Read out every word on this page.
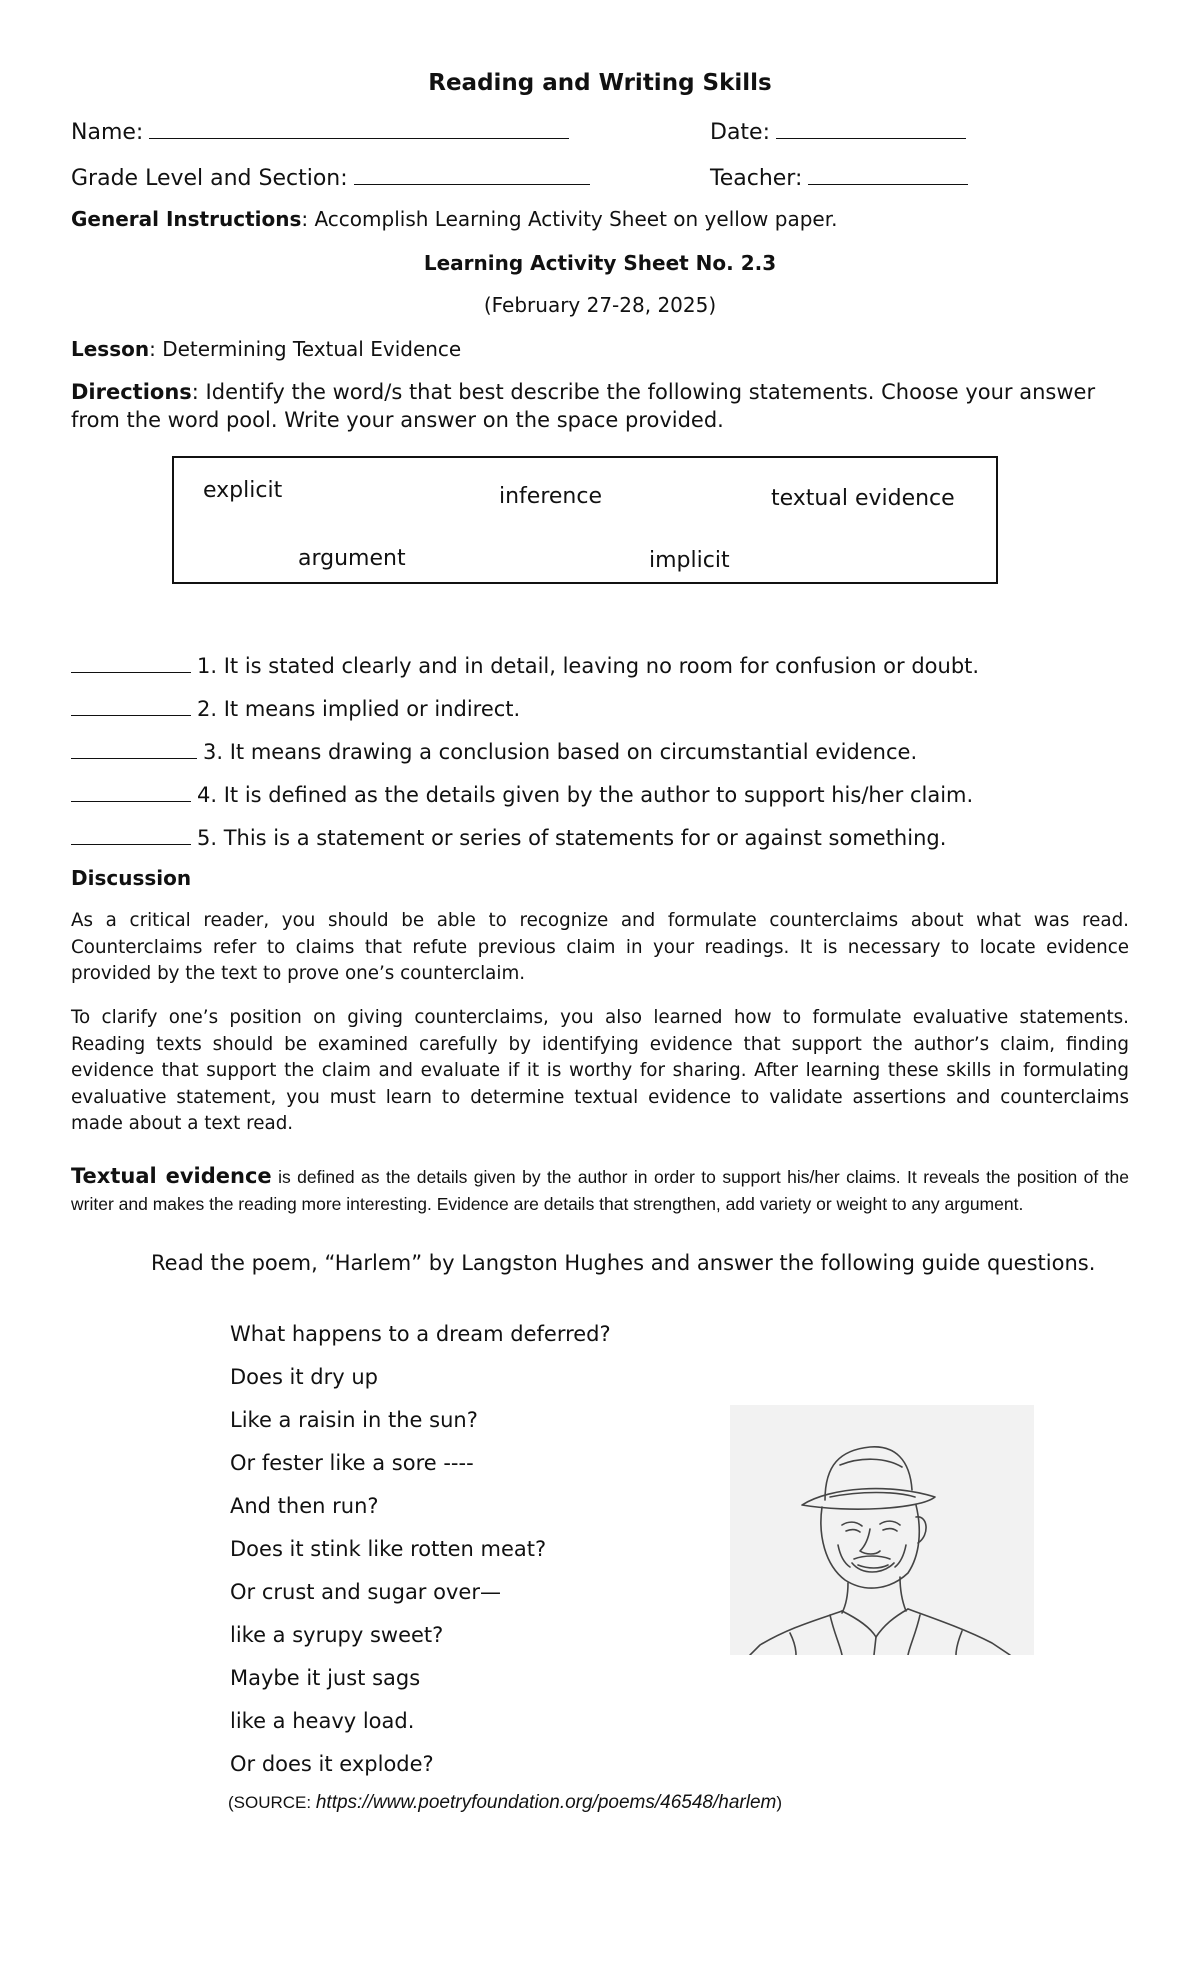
Reading and Writing Skills
Name:	Date:
Grade Level and Section:	Teacher:
General Instructions: Accomplish Learning Activity Sheet on yellow paper.
Learning Activity Sheet No. 2.3
(February 27-28, 2025)
Lesson: Determining Textual Evidence
Directions: Identify the word/s that best describe the following statements. Choose your answer from the word pool. Write your answer on the space provided.
explicit	inference	textual evidence
argument	implicit
1. It is stated clearly and in detail, leaving no room for confusion or doubt.
2. It means implied or indirect.
3. It means drawing a conclusion based on circumstantial evidence.
4. It is defined as the details given by the author to support his/her claim.
5. This is a statement or series of statements for or against something.
Discussion
As a critical reader, you should be able to recognize and formulate counterclaims about what was read. Counterclaims refer to claims that refute previous claim in your readings. It is necessary to locate evidence provided by the text to prove one’s counterclaim.
To clarify one’s position on giving counterclaims, you also learned how to formulate evaluative statements. Reading texts should be examined carefully by identifying evidence that support the author’s claim, finding evidence that support the claim and evaluate if it is worthy for sharing. After learning these skills in formulating evaluative statement, you must learn to determine textual evidence to validate assertions and counterclaims made about a text read.
Textual evidence is defined as the details given by the author in order to support his/her claims. It reveals the position of the writer and makes the reading more interesting. Evidence are details that strengthen, add variety or weight to any argument.
Read the poem, “Harlem” by Langston Hughes and answer the following guide questions.
What happens to a dream deferred?
Does it dry up
Like a raisin in the sun?
Or fester like a sore ----
And then run?
Does it stink like rotten meat?
Or crust and sugar over—
like a syrupy sweet?
Maybe it just sags
like a heavy load.
Or does it explode?
(SOURCE: https://www.poetryfoundation.org/poems/46548/harlem)
